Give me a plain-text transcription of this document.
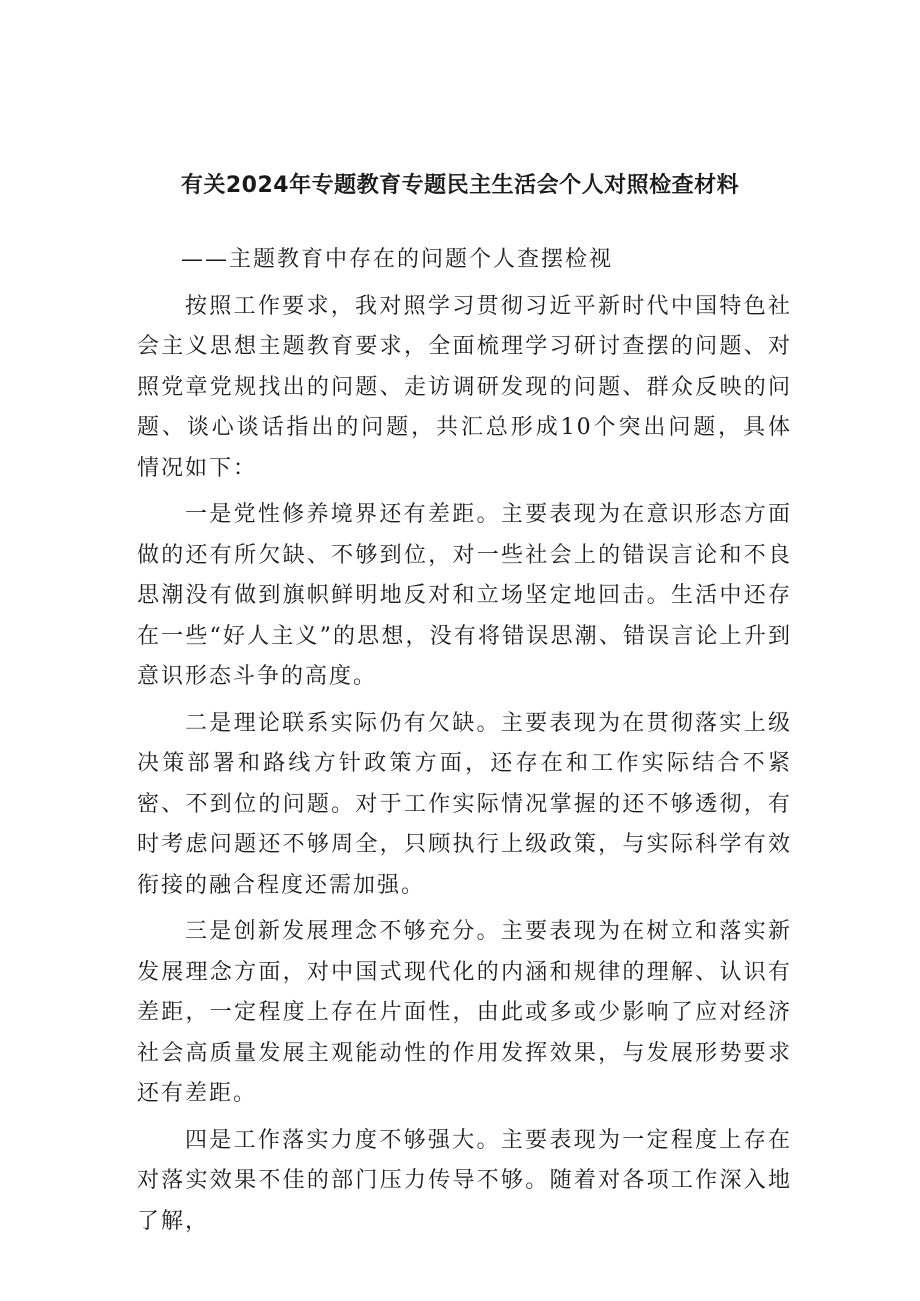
有关2024年专题教育专题民主生活会个人对照检查材料

——主题教育中存在的问题个人查摆检视

按照工作要求，我对照学习贯彻习近平新时代中国特色社会主义思想主题教育要求，全面梳理学习研讨查摆的问题、对照党章党规找出的问题、走访调研发现的问题、群众反映的问题、谈心谈话指出的问题，共汇总形成10个突出问题，具体情况如下：

一是党性修养境界还有差距。主要表现为在意识形态方面做的还有所欠缺、不够到位，对一些社会上的错误言论和不良思潮没有做到旗帜鲜明地反对和立场坚定地回击。生活中还存在一些“好人主义”的思想，没有将错误思潮、错误言论上升到意识形态斗争的高度。

二是理论联系实际仍有欠缺。主要表现为在贯彻落实上级决策部署和路线方针政策方面，还存在和工作实际结合不紧密、不到位的问题。对于工作实际情况掌握的还不够透彻，有时考虑问题还不够周全，只顾执行上级政策，与实际科学有效衔接的融合程度还需加强。

三是创新发展理念不够充分。主要表现为在树立和落实新发展理念方面，对中国式现代化的内涵和规律的理解、认识有差距，一定程度上存在片面性，由此或多或少影响了应对经济社会高质量发展主观能动性的作用发挥效果，与发展形势要求还有差距。

四是工作落实力度不够强大。主要表现为一定程度上存在对落实效果不佳的部门压力传导不够。随着对各项工作深入地了解，
